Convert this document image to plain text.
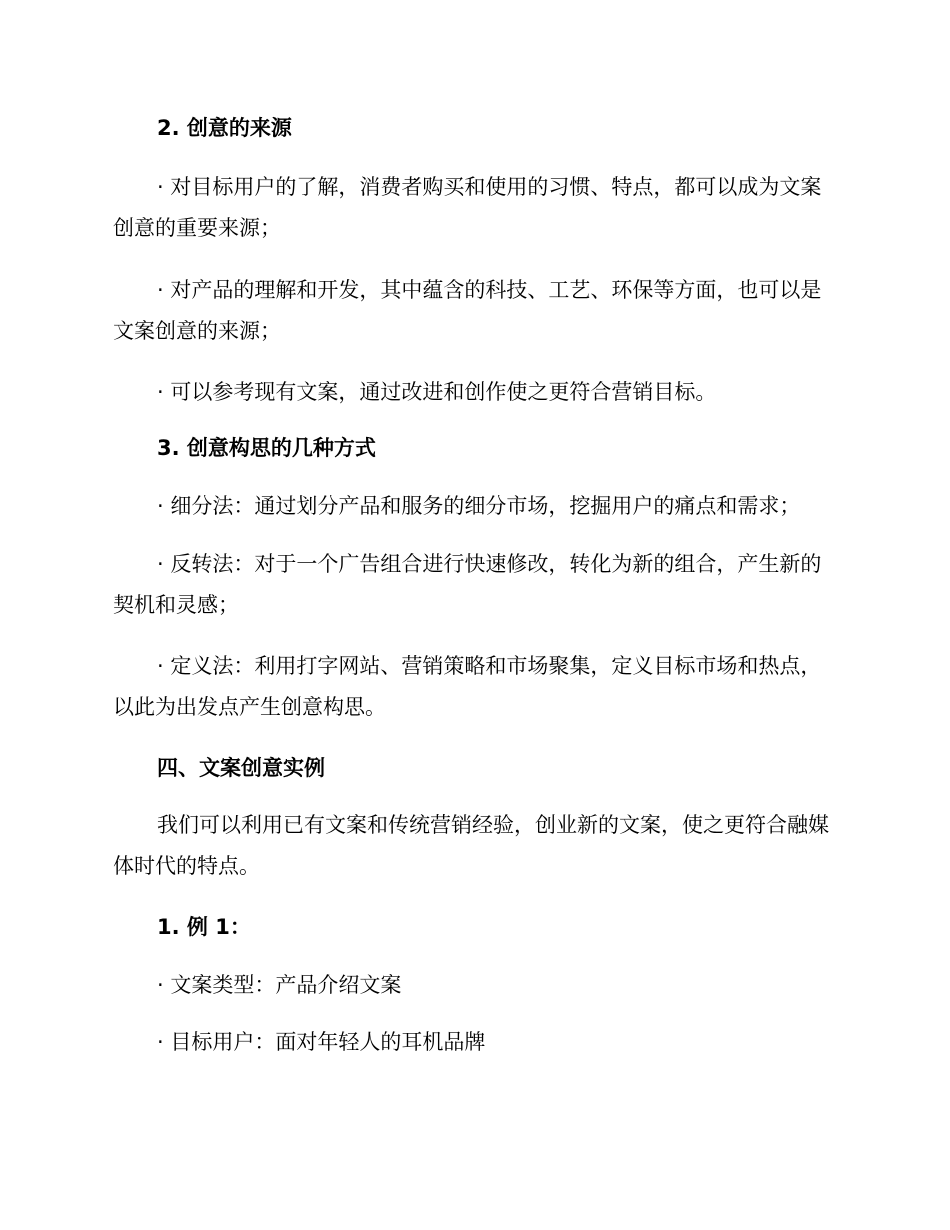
2. 创意的来源

· 对目标用户的了解，消费者购买和使用的习惯、特点，都可以成为文案创意的重要来源；

· 对产品的理解和开发，其中蕴含的科技、工艺、环保等方面，也可以是文案创意的来源；

· 可以参考现有文案，通过改进和创作使之更符合营销目标。

3. 创意构思的几种方式

· 细分法：通过划分产品和服务的细分市场，挖掘用户的痛点和需求；

· 反转法：对于一个广告组合进行快速修改，转化为新的组合，产生新的契机和灵感；

· 定义法：利用打字网站、营销策略和市场聚集，定义目标市场和热点，以此为出发点产生创意构思。

四、文案创意实例

我们可以利用已有文案和传统营销经验，创业新的文案，使之更符合融媒体时代的特点。

1. 例 1：

· 文案类型：产品介绍文案

· 目标用户：面对年轻人的耳机品牌
